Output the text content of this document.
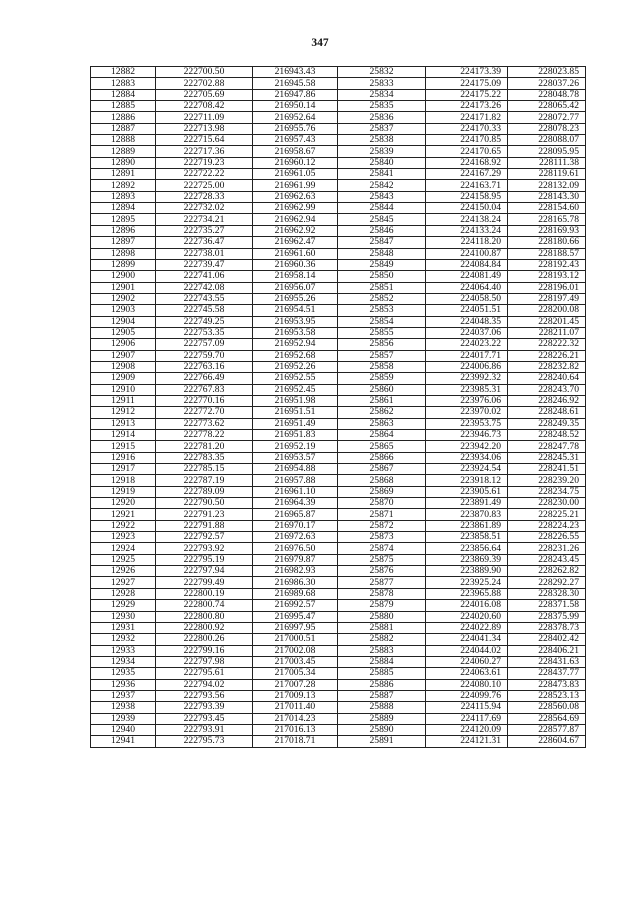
347
12882	222700.50	216943.43	25832	224173.39	228023.85
12883	222702.88	216945.58	25833	224175.09	228037.26
12884	222705.69	216947.86	25834	224175.22	228048.78
12885	222708.42	216950.14	25835	224173.26	228065.42
12886	222711.09	216952.64	25836	224171.82	228072.77
12887	222713.98	216955.76	25837	224170.33	228078.23
12888	222715.64	216957.43	25838	224170.85	228088.07
12889	222717.36	216958.67	25839	224170.65	228095.95
12890	222719.23	216960.12	25840	224168.92	228111.38
12891	222722.22	216961.05	25841	224167.29	228119.61
12892	222725.00	216961.99	25842	224163.71	228132.09
12893	222728.33	216962.63	25843	224158.95	228143.30
12894	222732.02	216962.99	25844	224150.04	228154.60
12895	222734.21	216962.94	25845	224138.24	228165.78
12896	222735.27	216962.92	25846	224133.24	228169.93
12897	222736.47	216962.47	25847	224118.20	228180.66
12898	222738.01	216961.60	25848	224100.87	228188.57
12899	222739.47	216960.36	25849	224084.84	228192.43
12900	222741.06	216958.14	25850	224081.49	228193.12
12901	222742.08	216956.07	25851	224064.40	228196.01
12902	222743.55	216955.26	25852	224058.50	228197.49
12903	222745.58	216954.51	25853	224051.51	228200.08
12904	222749.25	216953.95	25854	224048.35	228201.45
12905	222753.35	216953.58	25855	224037.06	228211.07
12906	222757.09	216952.94	25856	224023.22	228222.32
12907	222759.70	216952.68	25857	224017.71	228226.21
12908	222763.16	216952.26	25858	224006.86	228232.82
12909	222766.49	216952.55	25859	223992.32	228240.64
12910	222767.83	216952.45	25860	223985.31	228243.70
12911	222770.16	216951.98	25861	223976.06	228246.92
12912	222772.70	216951.51	25862	223970.02	228248.61
12913	222773.62	216951.49	25863	223953.75	228249.35
12914	222778.22	216951.83	25864	223946.73	228248.52
12915	222781.20	216952.19	25865	223942.20	228247.78
12916	222783.35	216953.57	25866	223934.06	228245.31
12917	222785.15	216954.88	25867	223924.54	228241.51
12918	222787.19	216957.88	25868	223918.12	228239.20
12919	222789.09	216961.10	25869	223905.61	228234.75
12920	222790.50	216964.39	25870	223891.49	228230.00
12921	222791.23	216965.87	25871	223870.83	228225.21
12922	222791.88	216970.17	25872	223861.89	228224.23
12923	222792.57	216972.63	25873	223858.51	228226.55
12924	222793.92	216976.50	25874	223856.64	228231.26
12925	222795.19	216979.87	25875	223869.39	228243.45
12926	222797.94	216982.93	25876	223889.90	228262.82
12927	222799.49	216986.30	25877	223925.24	228292.27
12928	222800.19	216989.68	25878	223965.88	228328.30
12929	222800.74	216992.57	25879	224016.08	228371.58
12930	222800.80	216995.47	25880	224020.60	228375.99
12931	222800.92	216997.95	25881	224022.89	228378.73
12932	222800.26	217000.51	25882	224041.34	228402.42
12933	222799.16	217002.08	25883	224044.02	228406.21
12934	222797.98	217003.45	25884	224060.27	228431.63
12935	222795.61	217005.34	25885	224063.61	228437.77
12936	222794.02	217007.28	25886	224080.10	228473.83
12937	222793.56	217009.13	25887	224099.76	228523.13
12938	222793.39	217011.40	25888	224115.94	228560.08
12939	222793.45	217014.23	25889	224117.69	228564.69
12940	222793.91	217016.13	25890	224120.09	228577.87
12941	222795.73	217018.71	25891	224121.31	228604.67
